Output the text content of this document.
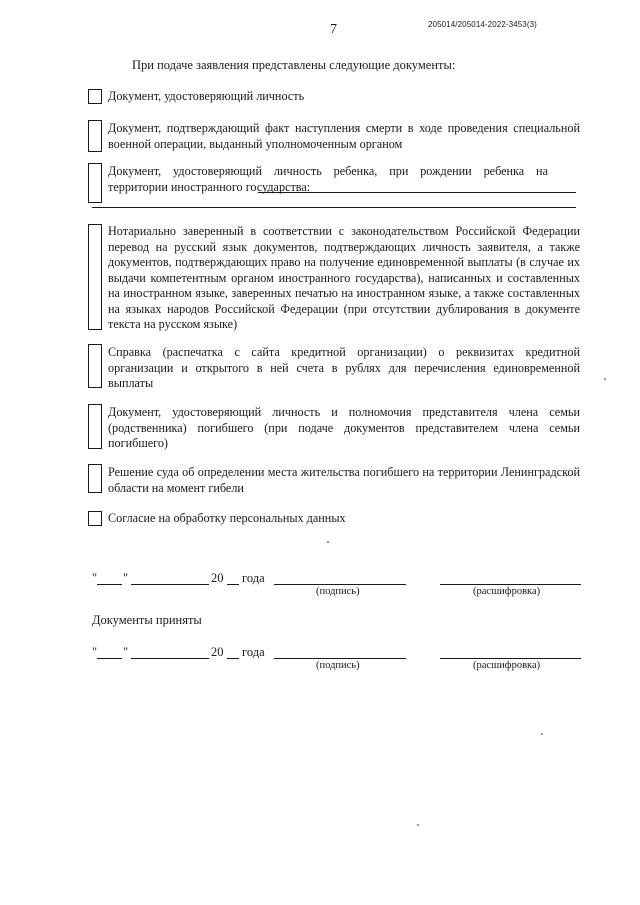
7	205014/205014-2022-3453(3)
При подаче заявления представлены следующие документы:
Документ, удостоверяющий личность
Документ, подтверждающий факт наступления смерти в ходе проведения специальной военной операции, выданный уполномоченным органом
Документ, удостоверяющий личность ребенка, при рождении ребенка на территории иностранного государства:
Нотариально заверенный в соответствии с законодательством Российской Федерации перевод на русский язык документов, подтверждающих личность заявителя, а также документов, подтверждающих право на получение единовременной выплаты (в случае их выдачи компетентным органом иностранного государства), написанных и составленных на иностранном языке, заверенных печатью на иностранном языке, а также составленных на языках народов Российской Федерации (при отсутствии дублирования в документе текста на русском языке)
Справка (распечатка с сайта кредитной организации) о реквизитах кредитной организации и открытого в ней счета в рублях для перечисления единовременной выплаты
Документ, удостоверяющий личность и полномочия представителя члена семьи (родственника) погибшего (при подаче документов представителем члена семьи погибшего)
Решение суда об определении места жительства погибшего на территории Ленинградской области на момент гибели
Согласие на обработку персональных данных
" "	20 года
(подпись)	(расшифровка)
Документы приняты
" "	20 года
(подпись)	(расшифровка)
